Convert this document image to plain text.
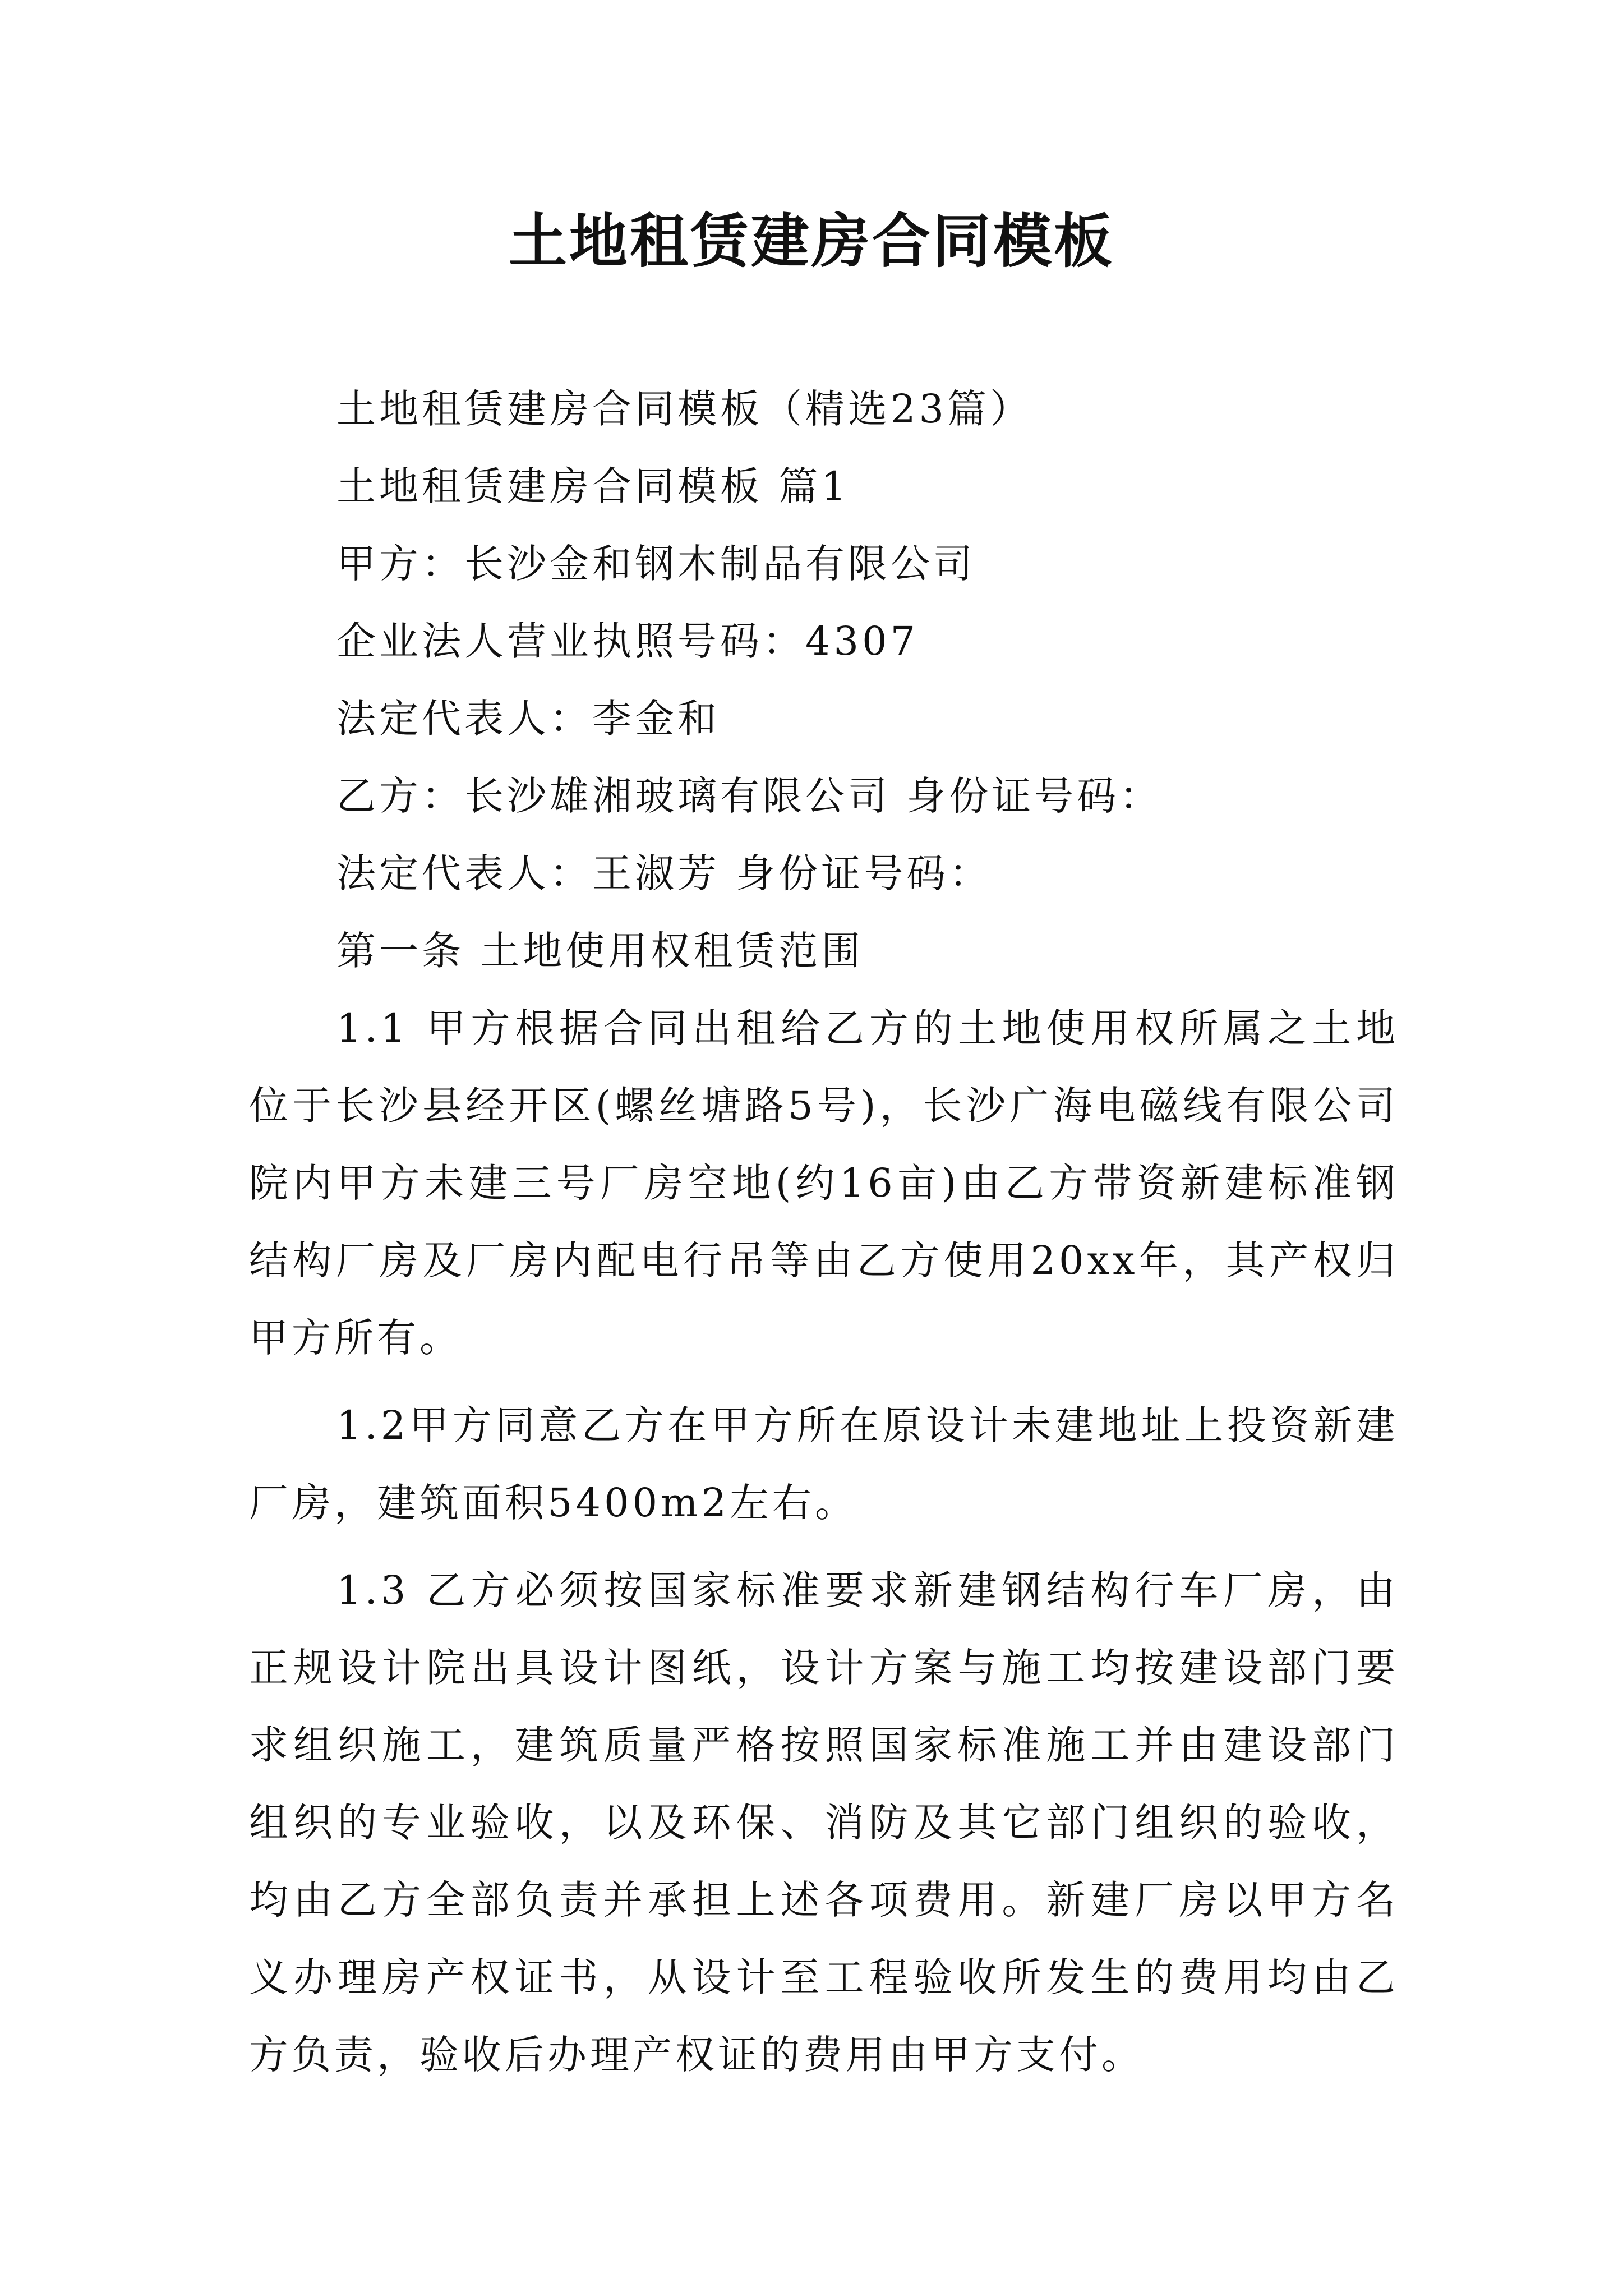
土地租赁建房合同模板

土地租赁建房合同模板（精选23篇）

土地租赁建房合同模板 篇1

甲方：长沙金和钢木制品有限公司

企业法人营业执照号码：4307

法定代表人：李金和

乙方：长沙雄湘玻璃有限公司 身份证号码：

法定代表人：王淑芳 身份证号码：

第一条 土地使用权租赁范围

1.1 甲方根据合同出租给乙方的土地使用权所属之土地位于长沙县经开区(螺丝塘路5号)，长沙广海电磁线有限公司院内甲方未建三号厂房空地(约16亩)由乙方带资新建标准钢结构厂房及厂房内配电行吊等由乙方使用20xx年，其产权归甲方所有。

1.2甲方同意乙方在甲方所在原设计未建地址上投资新建厂房，建筑面积5400m2左右。

1.3 乙方必须按国家标准要求新建钢结构行车厂房，由正规设计院出具设计图纸，设计方案与施工均按建设部门要求组织施工，建筑质量严格按照国家标准施工并由建设部门组织的专业验收，以及环保、消防及其它部门组织的验收，均由乙方全部负责并承担上述各项费用。新建厂房以甲方名义办理房产权证书，从设计至工程验收所发生的费用均由乙方负责，验收后办理产权证的费用由甲方支付。
